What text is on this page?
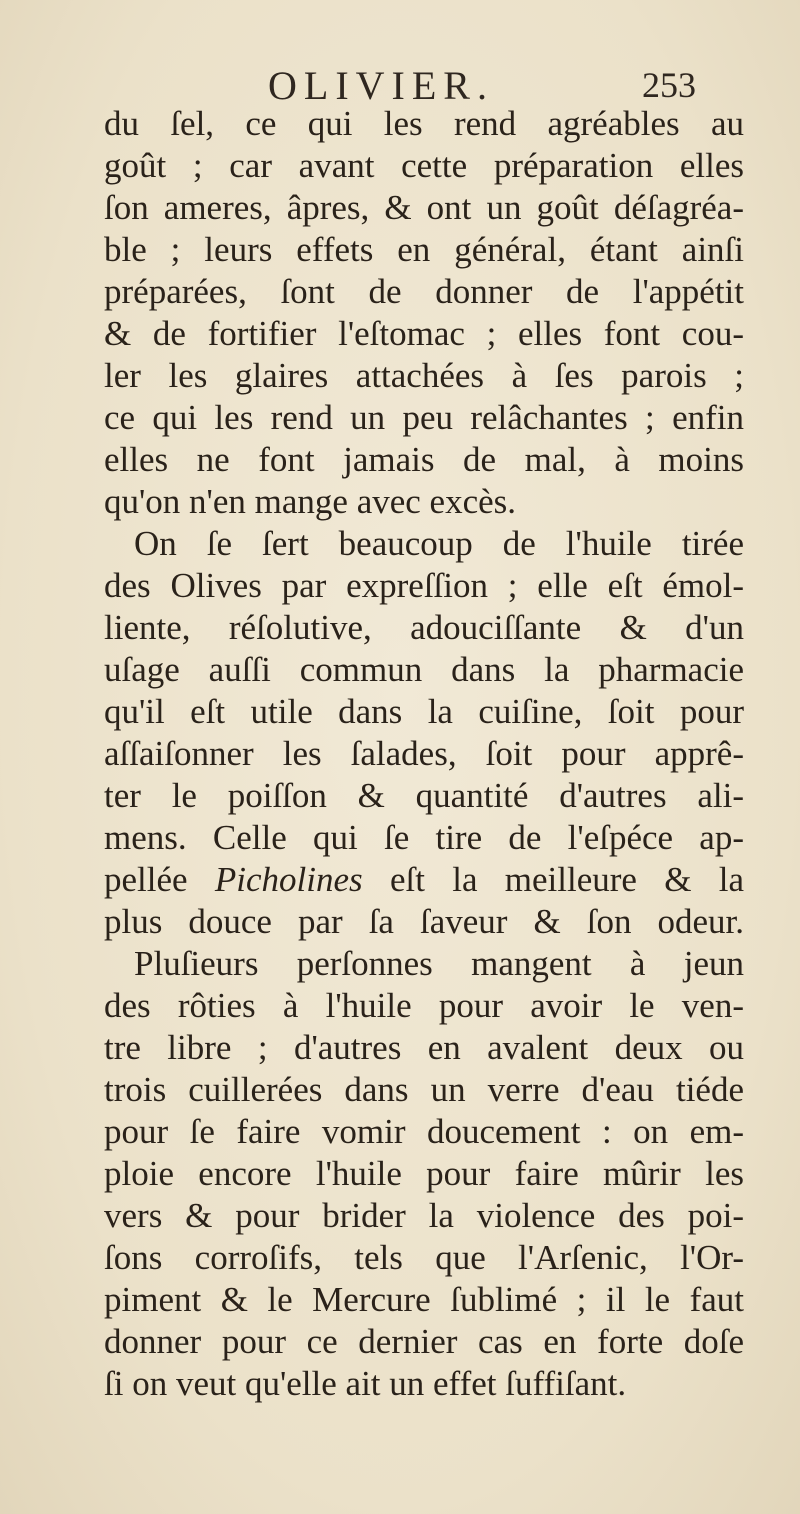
OLIVIER.	253
du ſel, ce qui les rend agréables au
goût ; car avant cette préparation elles
ſon ameres, âpres, & ont un goût déſagréa-
ble ; leurs effets en général, étant ainſi
préparées, ſont de donner de l'appétit
& de fortifier l'eſtomac ; elles font cou-
ler les glaires attachées à ſes parois ;
ce qui les rend un peu relâchantes ; enfin
elles ne font jamais de mal, à moins
qu'on n'en mange avec excès.
On ſe ſert beaucoup de l'huile tirée
des Olives par expreſſion ; elle eſt émol-
liente, réſolutive, adouciſſante & d'un
uſage auſſi commun dans la pharmacie
qu'il eſt utile dans la cuiſine, ſoit pour
aſſaiſonner les ſalades, ſoit pour apprê-
ter le poiſſon & quantité d'autres ali-
mens. Celle qui ſe tire de l'eſpéce ap-
pellée Picholines eſt la meilleure & la
plus douce par ſa ſaveur & ſon odeur.
Pluſieurs perſonnes mangent à jeun
des rôties à l'huile pour avoir le ven-
tre libre ; d'autres en avalent deux ou
trois cuillerées dans un verre d'eau tiéde
pour ſe faire vomir doucement : on em-
ploie encore l'huile pour faire mûrir les
vers & pour brider la violence des poi-
ſons corroſifs, tels que l'Arſenic, l'Or-
piment & le Mercure ſublimé ; il le faut
donner pour ce dernier cas en forte doſe
ſi on veut qu'elle ait un effet ſuffiſant.
